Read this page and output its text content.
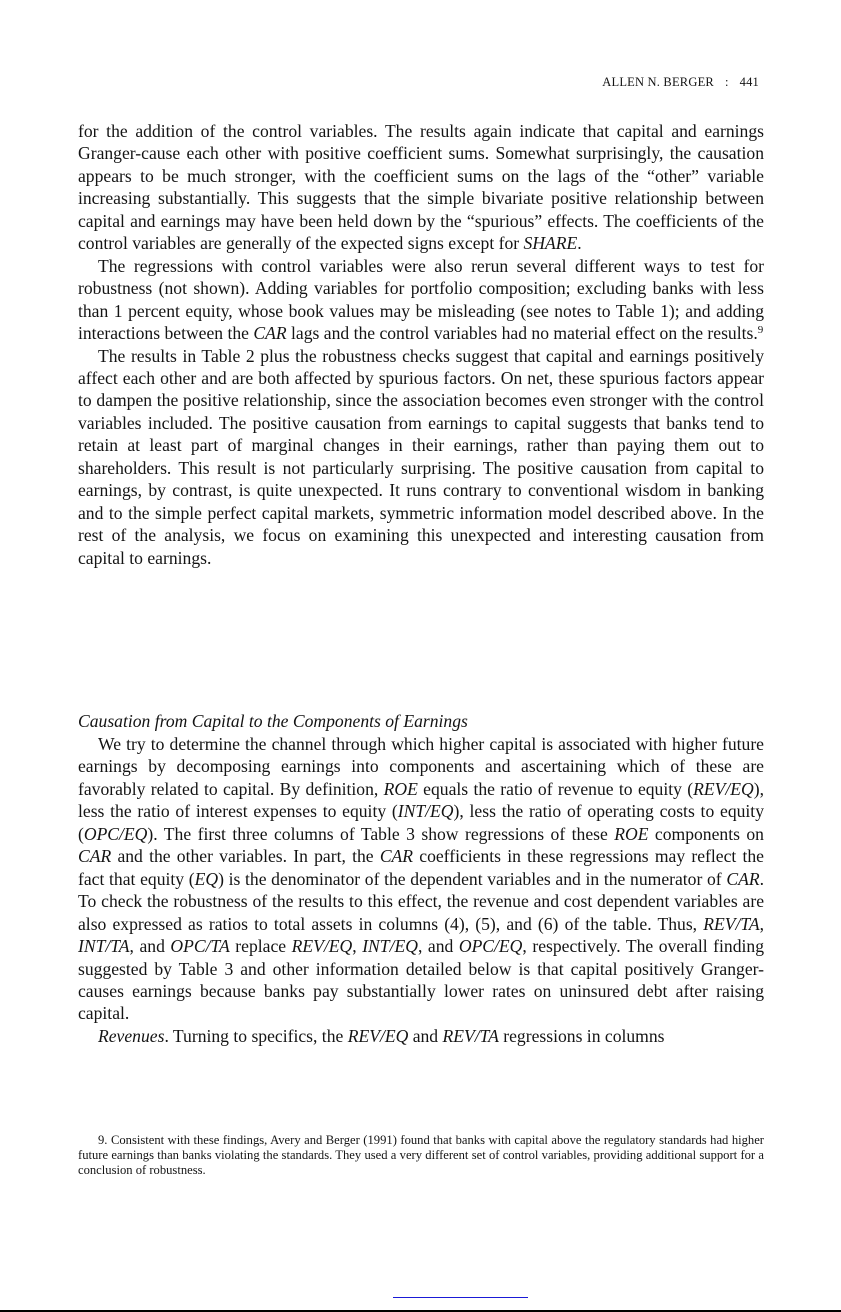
ALLEN N. BERGER : 441

for the addition of the control variables. The results again indicate that capital and earnings Granger-cause each other with positive coefficient sums. Somewhat surprisingly, the causation appears to be much stronger, with the coefficient sums on the lags of the “other” variable increasing substantially. This suggests that the simple bivariate positive relationship between capital and earnings may have been held down by the “spurious” effects. The coefficients of the control variables are generally of the expected signs except for SHARE.

The regressions with control variables were also rerun several different ways to test for robustness (not shown). Adding variables for portfolio composition; excluding banks with less than 1 percent equity, whose book values may be misleading (see notes to Table 1); and adding interactions between the CAR lags and the control variables had no material effect on the results.$^9$

The results in Table 2 plus the robustness checks suggest that capital and earnings positively affect each other and are both affected by spurious factors. On net, these spurious factors appear to dampen the positive relationship, since the association becomes even stronger with the control variables included. The positive causation from earnings to capital suggests that banks tend to retain at least part of marginal changes in their earnings, rather than paying them out to shareholders. This result is not particularly surprising. The positive causation from capital to earnings, by contrast, is quite unexpected. It runs contrary to conventional wisdom in banking and to the simple perfect capital markets, symmetric information model described above. In the rest of the analysis, we focus on examining this unexpected and interesting causation from capital to earnings.

Causation from Capital to the Components of Earnings

We try to determine the channel through which higher capital is associated with higher future earnings by decomposing earnings into components and ascertaining which of these are favorably related to capital. By definition, ROE equals the ratio of revenue to equity (REV/EQ), less the ratio of interest expenses to equity (INT/EQ), less the ratio of operating costs to equity (OPC/EQ). The first three columns of Table 3 show regressions of these ROE components on CAR and the other variables. In part, the CAR coefficients in these regressions may reflect the fact that equity (EQ) is the denominator of the dependent variables and in the numerator of CAR. To check the robustness of the results to this effect, the revenue and cost dependent variables are also expressed as ratios to total assets in columns (4), (5), and (6) of the table. Thus, REV/TA, INT/TA, and OPC/TA replace REV/EQ, INT/EQ, and OPC/EQ, respectively. The overall finding suggested by Table 3 and other information detailed below is that capital positively Granger-causes earnings because banks pay substantially lower rates on uninsured debt after raising capital.

Revenues. Turning to specifics, the REV/EQ and REV/TA regressions in columns

9. Consistent with these findings, Avery and Berger (1991) found that banks with capital above the regulatory standards had higher future earnings than banks violating the standards. They used a very different set of control variables, providing additional support for a conclusion of robustness.
